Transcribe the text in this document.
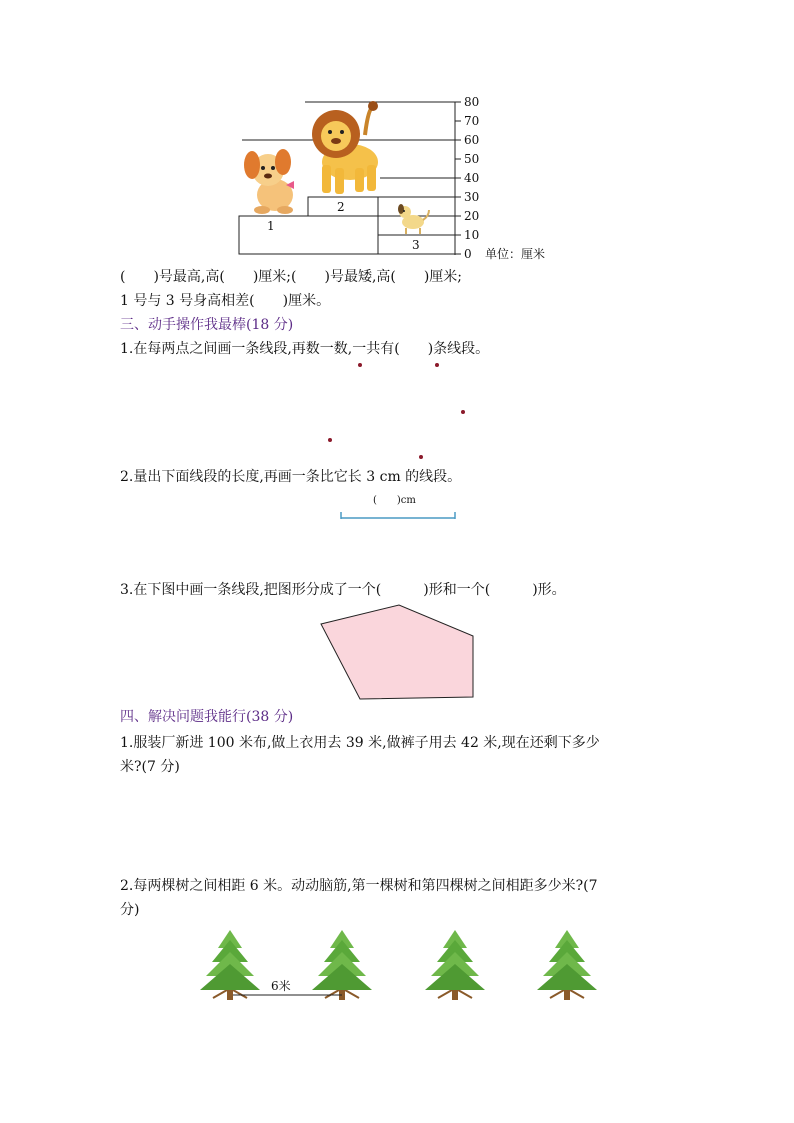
80
70
60
50
40
30
20
10
0 单位：厘米
1
2
3
(　　)号最高,高(　　)厘米;(　　)号最矮,高(　　)厘米;
1 号与 3 号身高相差(　　)厘米。
三、动手操作我最棒(18 分)
1.在每两点之间画一条线段,再数一数,一共有(　　)条线段。
2.量出下面线段的长度,再画一条比它长 3 cm 的线段。
(　　)cm
3.在下图中画一条线段,把图形分成了一个(　　　)形和一个(　　　)形。
四、解决问题我能行(38 分)
1.服装厂新进 100 米布,做上衣用去 39 米,做裤子用去 42 米,现在还剩下多少
米?(7 分)
2.每两棵树之间相距 6 米。动动脑筋,第一棵树和第四棵树之间相距多少米?(7
分)
6米
